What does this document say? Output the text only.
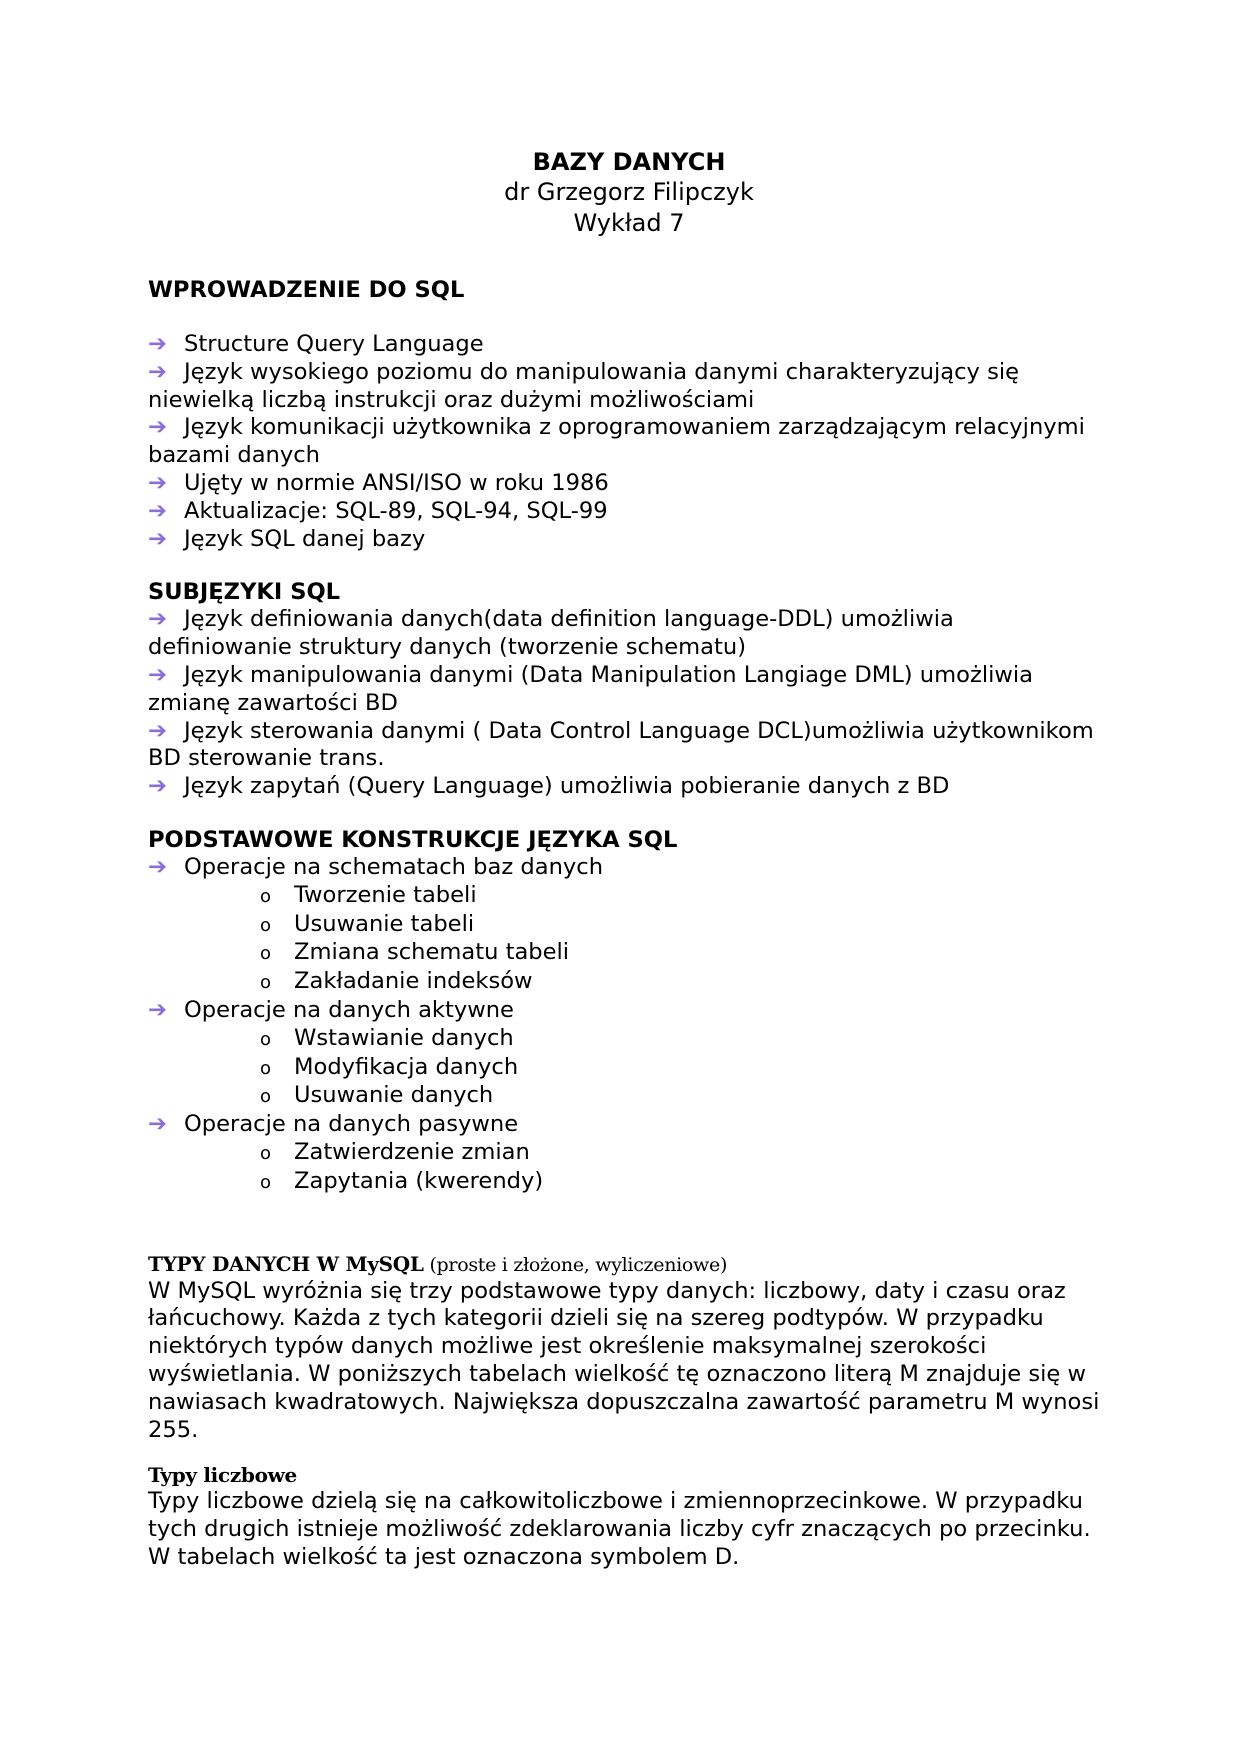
BAZY DANYCH
dr Grzegorz Filipczyk
Wykład 7
WPROWADZENIE DO SQL

➔ Structure Query Language

➔ Język wysokiego poziomu do manipulowania danymi charakteryzujący się niewielką liczbą instrukcji oraz dużymi możliwościami

➔ Język komunikacji użytkownika z oprogramowaniem zarządzającym relacyjnymi bazami danych

➔ Ujęty w normie ANSI/ISO w roku 1986

➔ Aktualizacje: SQL-89, SQL-94, SQL-99

➔ Język SQL danej bazy

SUBJĘZYKI SQL

➔ Język definiowania danych(data definition language-DDL) umożliwia definiowanie struktury danych (tworzenie schematu)

➔ Język manipulowania danymi (Data Manipulation Langiage DML) umożliwia zmianę zawartości BD

➔ Język sterowania danymi ( Data Control Language DCL)umożliwia użytkownikom BD sterowanie trans.

➔ Język zapytań (Query Language) umożliwia pobieranie danych z BD

PODSTAWOWE KONSTRUKCJE JĘZYKA SQL

➔ Operacje na schematach baz danych

o Tworzenie tabeli

o Usuwanie tabeli

o Zmiana schematu tabeli

o Zakładanie indeksów

➔ Operacje na danych aktywne

o Wstawianie danych

o Modyfikacja danych

o Usuwanie danych

➔ Operacje na danych pasywne

o Zatwierdzenie zmian

o Zapytania (kwerendy)

TYPY DANYCH W MySQL (proste i złożone, wyliczeniowe)

W MySQL wyróżnia się trzy podstawowe typy danych: liczbowy, daty i czasu oraz łańcuchowy. Każda z tych kategorii dzieli się na szereg podtypów. W przypadku niektórych typów danych możliwe jest określenie maksymalnej szerokości wyświetlania. W poniższych tabelach wielkość tę oznaczono literą M znajduje się w nawiasach kwadratowych. Największa dopuszczalna zawartość parametru M wynosi 255.

Typy liczbowe

Typy liczbowe dzielą się na całkowitoliczbowe i zmiennoprzecinkowe. W przypadku tych drugich istnieje możliwość zdeklarowania liczby cyfr znaczących po przecinku. W tabelach wielkość ta jest oznaczona symbolem D.
